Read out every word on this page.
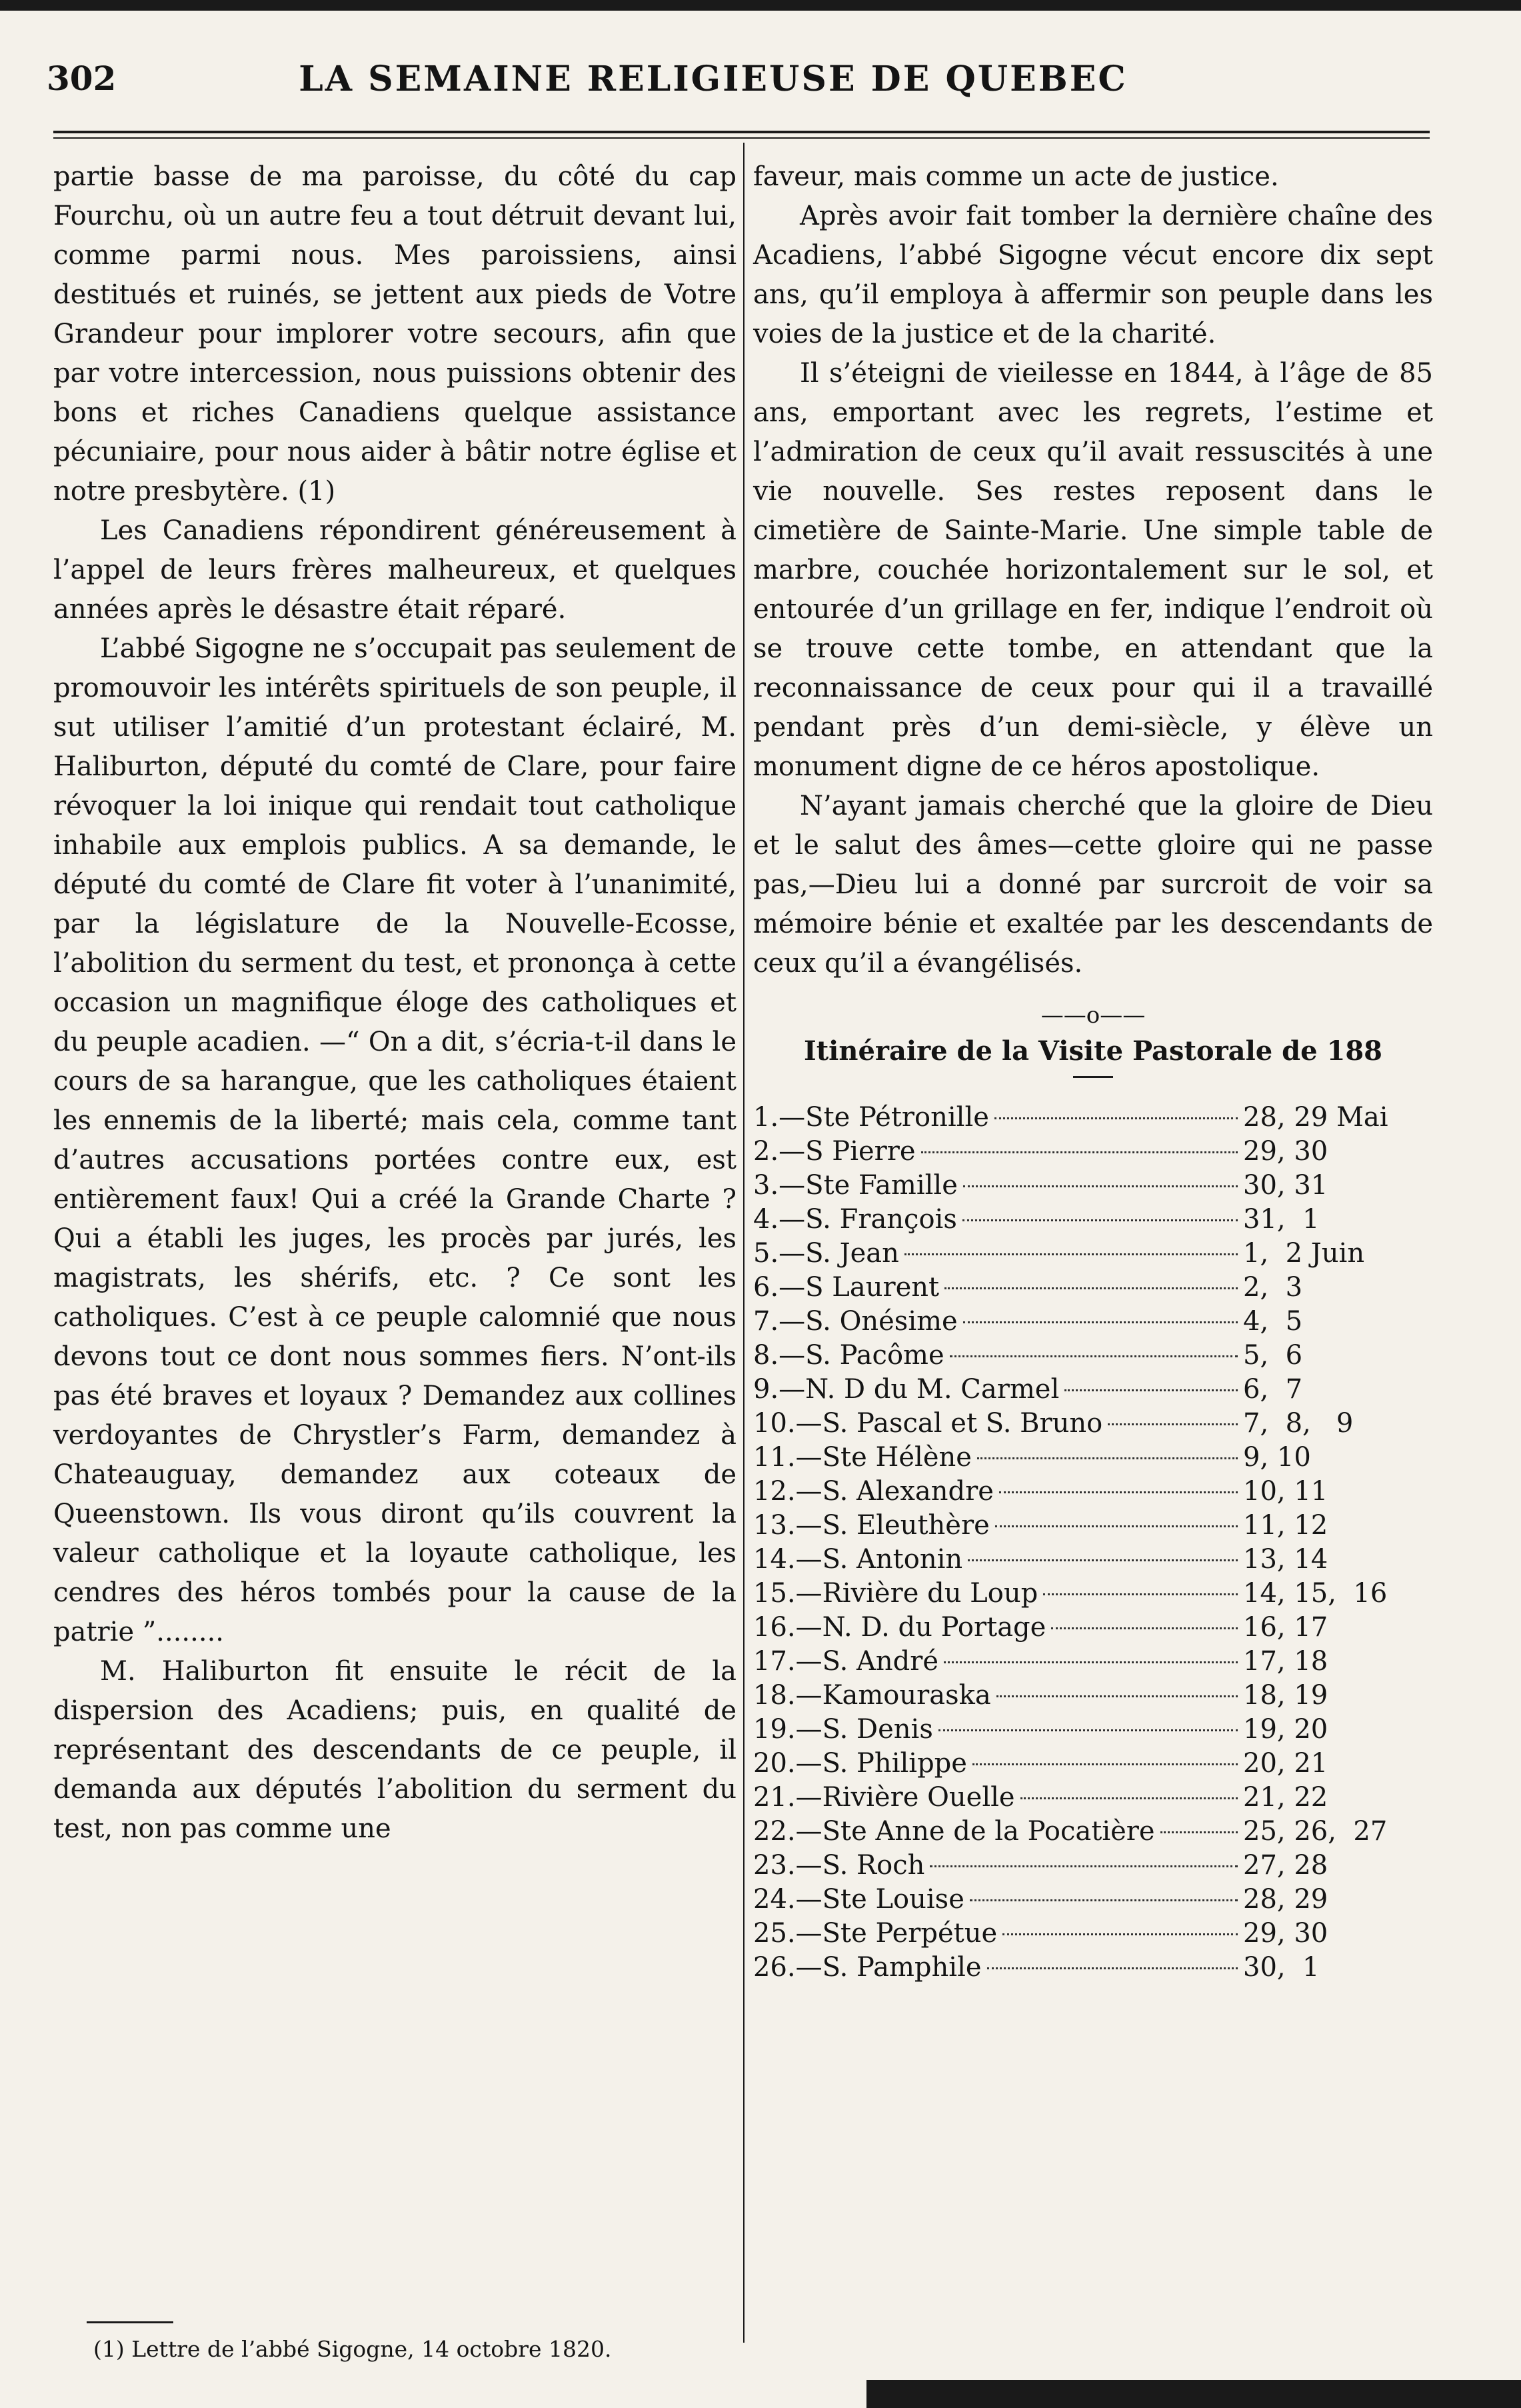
302	LA SEMAINE RELIGIEUSE DE QUEBEC

partie basse de ma paroisse, du côté du cap Fourchu, où un autre feu a tout détruit devant lui, comme parmi nous. Mes paroissiens, ainsi destitués et ruinés, se jettent aux pieds de Votre Grandeur pour implorer votre secours, afin que par votre intercession, nous puissions obtenir des bons et riches Canadiens quelque assistance pécuniaire, pour nous aider à bâtir notre église et notre presbytère. (1)

Les Canadiens répondirent généreusement à l’appel de leurs frères malheureux, et quelques années après le désastre était réparé.

L’abbé Sigogne ne s’occupait pas seulement de promouvoir les intérêts spirituels de son peuple, il sut utiliser l’amitié d’un protestant éclairé, M. Haliburton, député du comté de Clare, pour faire révoquer la loi inique qui rendait tout catholique inhabile aux emplois publics. A sa demande, le député du comté de Clare fit voter à l’unanimité, par la législature de la Nouvelle-Ecosse, l’abolition du serment du test, et prononça à cette occasion un magnifique éloge des catholiques et du peuple acadien. —“ On a dit, s’écria-t-il dans le cours de sa harangue, que les catholiques étaient les ennemis de la liberté; mais cela, comme tant d’autres accusations portées contre eux, est entièrement faux! Qui a créé la Grande Charte ? Qui a établi les juges, les procès par jurés, les magistrats, les shérifs, etc. ? Ce sont les catholiques. C’est à ce peuple calomnié que nous devons tout ce dont nous sommes fiers. N’ont-ils pas été braves et loyaux ? Demandez aux collines verdoyantes de Chrystler’s Farm, demandez à Chateauguay, demandez aux coteaux de Queenstown. Ils vous diront qu’ils couvrent la valeur catholique et la loyaute catholique, les cendres des héros tombés pour la cause de la patrie ”........

M. Haliburton fit ensuite le récit de la dispersion des Acadiens; puis, en qualité de représentant des descendants de ce peuple, il demanda aux députés l’abolition du serment du test, non pas comme une

(1) Lettre de l’abbé Sigogne, 14 octobre 1820.

faveur, mais comme un acte de justice.

Après avoir fait tomber la dernière chaîne des Acadiens, l’abbé Sigogne vécut encore dix sept ans, qu’il employa à affermir son peuple dans les voies de la justice et de la charité.

Il s’éteigni de vieilesse en 1844, à l’âge de 85 ans, emportant avec les regrets, l’estime et l’admiration de ceux qu’il avait ressuscités à une vie nouvelle. Ses restes reposent dans le cimetière de Sainte-Marie. Une simple table de marbre, couchée horizontalement sur le sol, et entourée d’un grillage en fer, indique l’endroit où se trouve cette tombe, en attendant que la reconnaissance de ceux pour qui il a travaillé pendant près d’un demi-siècle, y élève un monument digne de ce héros apostolique.

N’ayant jamais cherché que la gloire de Dieu et le salut des âmes—cette gloire qui ne passe pas,—Dieu lui a donné par surcroit de voir sa mémoire bénie et exaltée par les descendants de ceux qu’il a évangélisés.

——o——
Itinéraire de la Visite Pastorale de 188
1.—Ste Pétronille	28, 29 Mai
2.—S Pierre	29, 30
3.—Ste Famille	30, 31
4.—S. François	31,  1
5.—S. Jean	1,  2 Juin
6.—S Laurent	2,  3
7.—S. Onésime	4,  5
8.—S. Pacôme	5,  6
9.—N. D du M. Carmel	6,  7
10.—S. Pascal et S. Bruno	7,  8,   9
11.—Ste Hélène	9, 10
12.—S. Alexandre	10, 11
13.—S. Eleuthère	11, 12
14.—S. Antonin	13, 14
15.—Rivière du Loup	14, 15,  16
16.—N. D. du Portage	16, 17
17.—S. André	17, 18
18.—Kamouraska	18, 19
19.—S. Denis	19, 20
20.—S. Philippe	20, 21
21.—Rivière Ouelle	21, 22
22.—Ste Anne de la Pocatière	25, 26,  27
23.—S. Roch	27, 28
24.—Ste Louise	28, 29
25.—Ste Perpétue	29, 30
26.—S. Pamphile	30,  1
